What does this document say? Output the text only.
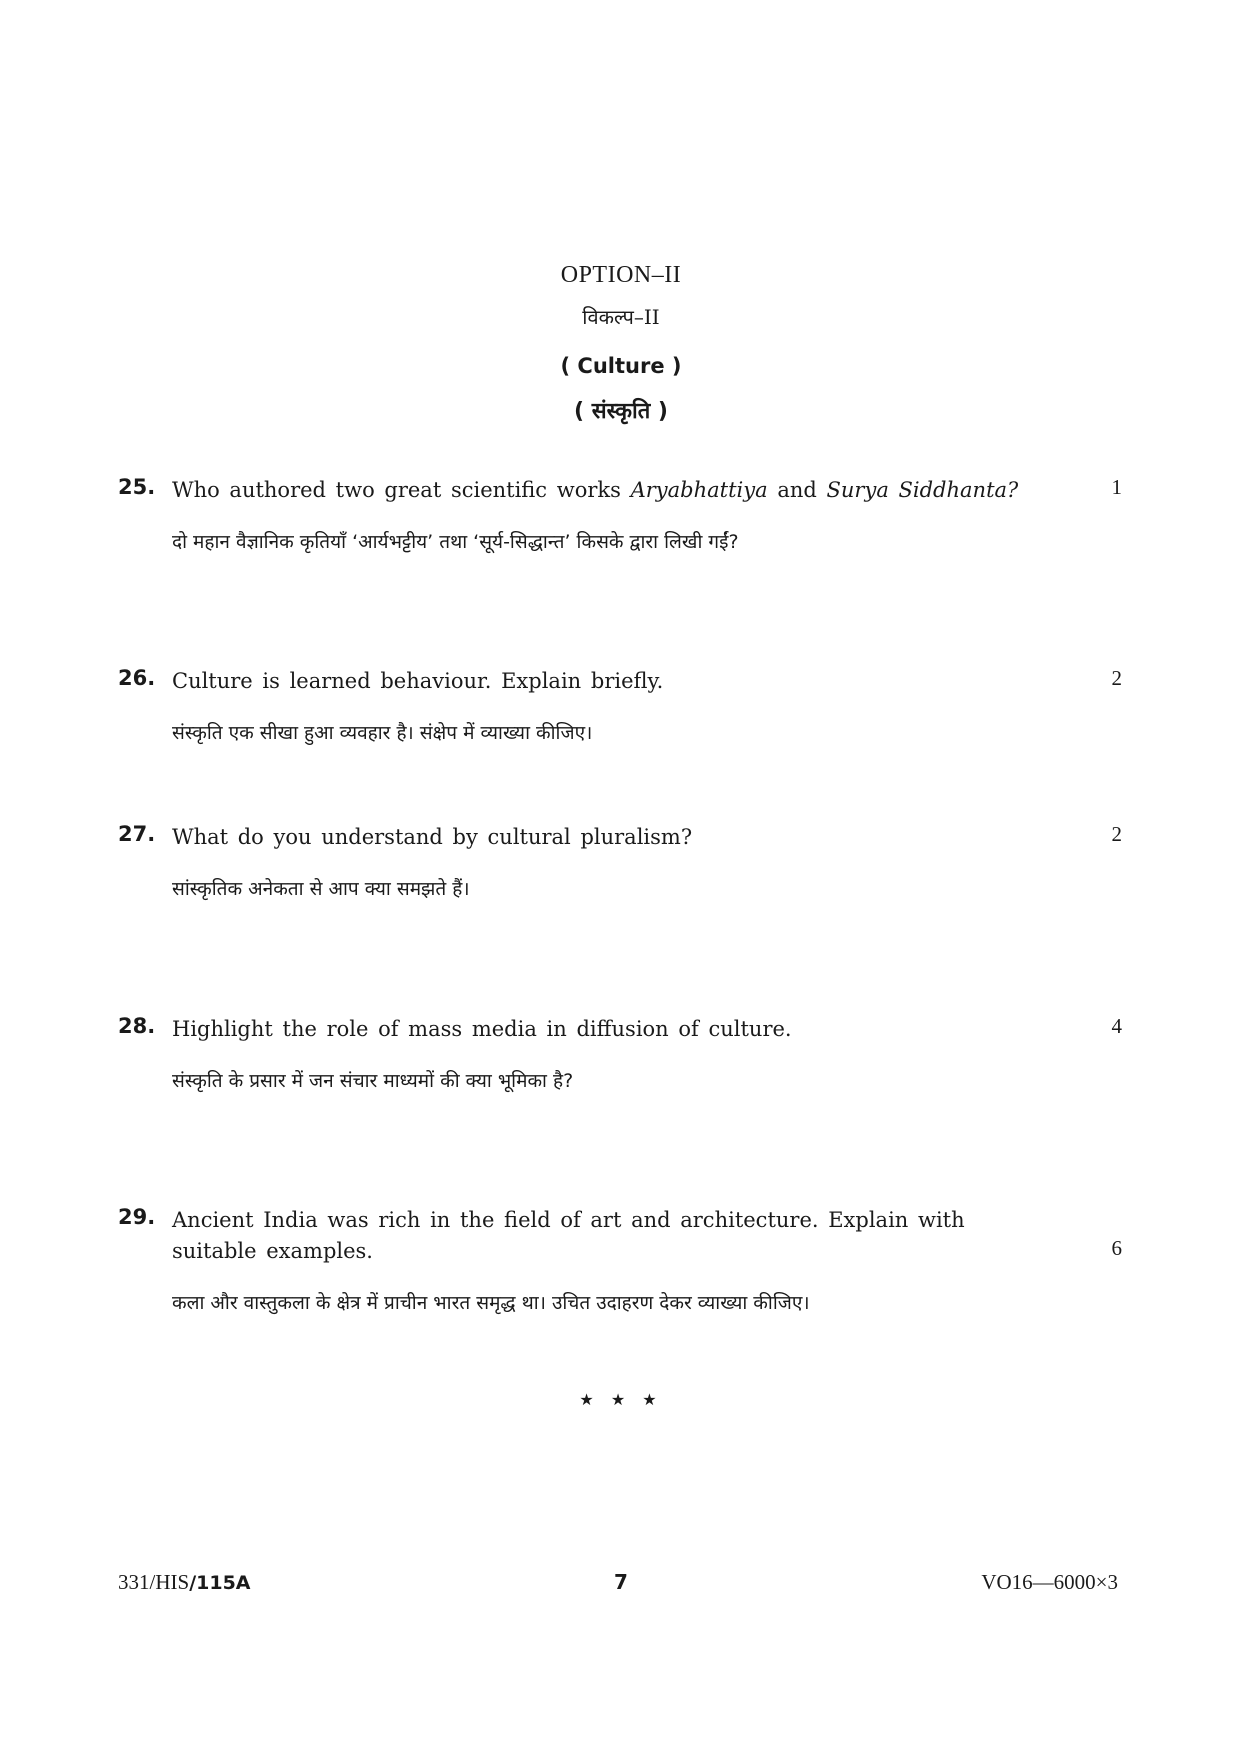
OPTION–II
विकल्प–II
( Culture )
( संस्कृति )
25. Who authored two great scientific works Aryabhattiya and Surya Siddhanta?	1
दो महान वैज्ञानिक कृतियाँ ‘आर्यभट्टीय’ तथा ‘सूर्य-सिद्धान्त’ किसके द्वारा लिखी गईं?
26. Culture is learned behaviour. Explain briefly.	2
संस्कृति एक सीखा हुआ व्यवहार है। संक्षेप में व्याख्या कीजिए।
27. What do you understand by cultural pluralism?	2
सांस्कृतिक अनेकता से आप क्या समझते हैं।
28. Highlight the role of mass media in diffusion of culture.	4
संस्कृति के प्रसार में जन संचार माध्यमों की क्या भूमिका है?
29. Ancient India was rich in the field of art and architecture. Explain with suitable examples.	6
कला और वास्तुकला के क्षेत्र में प्राचीन भारत समृद्ध था। उचित उदाहरण देकर व्याख्या कीजिए।
★ ★ ★
331/HIS/115A	7	VO16—6000×3
